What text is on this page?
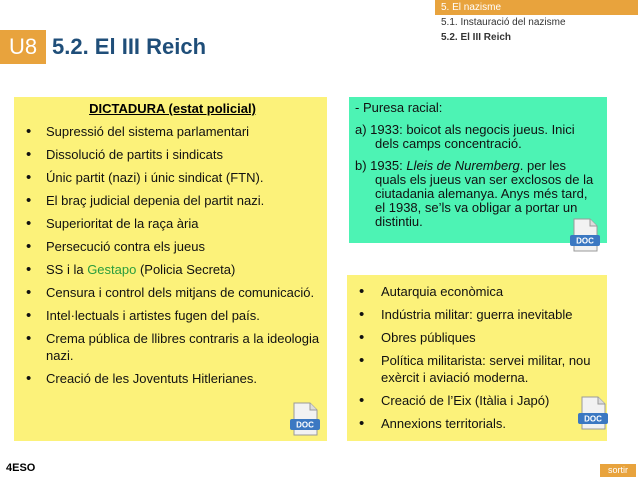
U8 5.2. El III Reich
5. El nazisme
5.1. Instauració del nazisme
5.2. El III Reich
DICTADURA (estat policial)
• Supressió del sistema parlamentari
• Dissolució de partits i sindicats
• Únic partit (nazi) i únic sindicat (FTN).
• El braç judicial depenia del partit nazi.
• Superioritat de la raça ària
• Persecució contra els jueus
• SS i la Gestapo (Policia Secreta)
• Censura i control dels mitjans de comunicació.
• Intel·lectuals i artistes fugen del país.
• Crema pública de llibres contraris a la ideologia nazi.
• Creació de les Joventuts Hitlerianes.

- Puresa racial:

a) 1933: boicot als negocis jueus. Inici dels camps concentració.

b) 1935: Lleis de Nuremberg. per les quals els jueus van ser exclosos de la ciutadania alemanya. Anys més tard, el 1938, se’ls va obligar a portar un distintiu.

• Autarquia econòmica
• Indústria militar: guerra inevitable
• Obres públiques
• Política militarista: servei militar, nou exèrcit i aviació moderna.
• Creació de l’Eix (Itàlia i Japó)
• Annexions territorials.
DOC
DOC
DOC
4ESO	sortir
